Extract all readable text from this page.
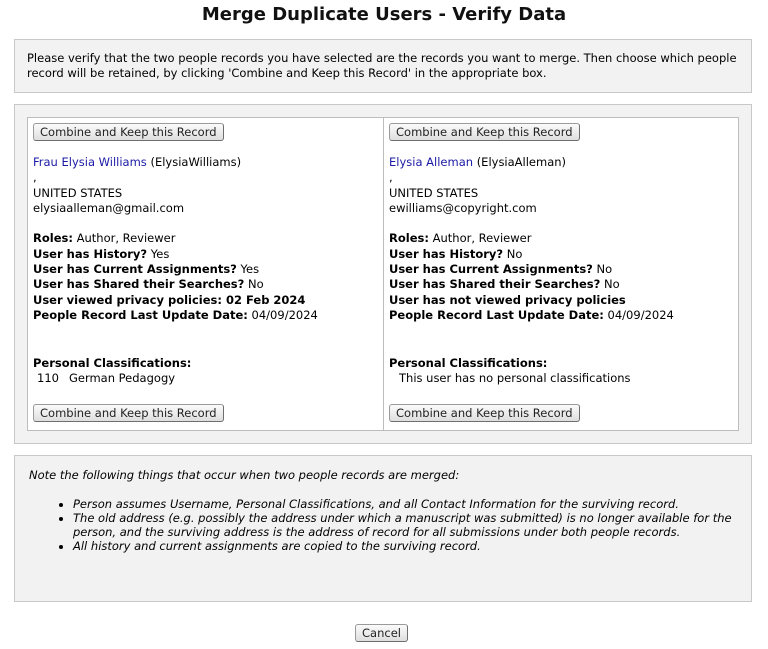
Merge Duplicate Users - Verify Data

Please verify that the two people records you have selected are the records you want to merge. Then choose which people record will be retained, by clicking 'Combine and Keep this Record' in the appropriate box.

Combine and Keep this Record
Frau Elysia Williams (ElysiaWilliams)
,
UNITED STATES
elysiaalleman@gmail.com
Roles: Author, Reviewer
User has History? Yes
User has Current Assignments? Yes
User has Shared their Searches? No
User viewed privacy policies: 02 Feb 2024
People Record Last Update Date: 04/09/2024
Personal Classifications:
110 German Pedagogy
Combine and Keep this Record
Combine and Keep this Record
Elysia Alleman (ElysiaAlleman)
,
UNITED STATES
ewilliams@copyright.com
Roles: Author, Reviewer
User has History? No
User has Current Assignments? No
User has Shared their Searches? No
User has not viewed privacy policies
People Record Last Update Date: 04/09/2024
Personal Classifications:
This user has no personal classifications
Combine and Keep this Record
Note the following things that occur when two people records are merged:
• Person assumes Username, Personal Classifications, and all Contact Information for the surviving record.
• The old address (e.g. possibly the address under which a manuscript was submitted) is no longer available for the person, and the surviving address is the address of record for all submissions under both people records.
• All history and current assignments are copied to the surviving record.
Cancel
